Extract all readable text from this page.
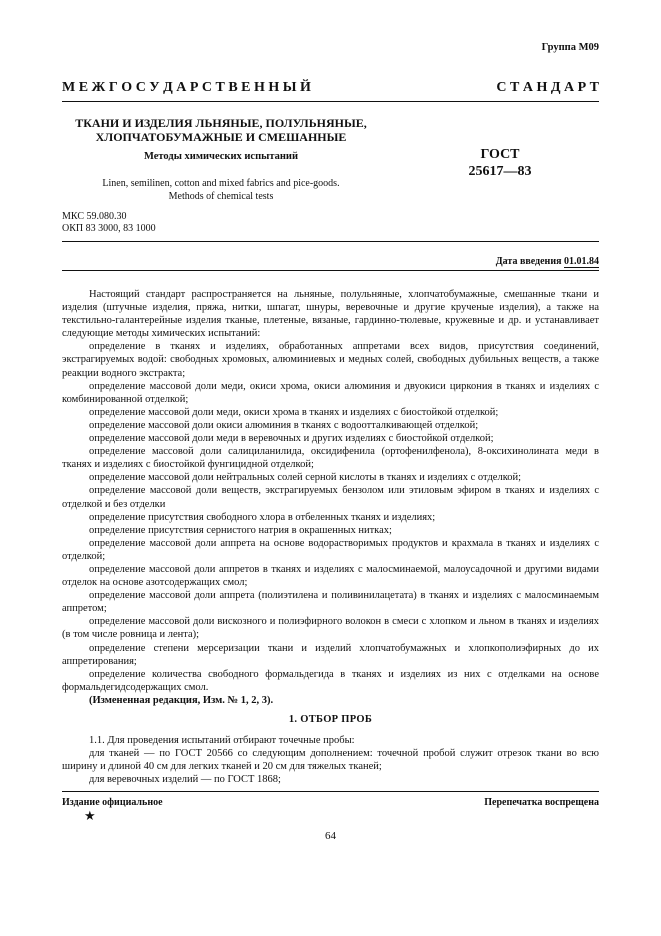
Группа М09
М Е Ж Г О С У Д А Р С Т В Е Н Н Ы Й	С Т А Н Д А Р Т
ТКАНИ И ИЗДЕЛИЯ ЛЬНЯНЫЕ, ПОЛУЛЬНЯНЫЕ,
ХЛОПЧАТОБУМАЖНЫЕ И СМЕШАННЫЕ
Методы химических испытаний	ГОСТ
25617—83
Linen, semilinen, cotton and mixed fabrics and pice-goods.
Methods of chemical tests
МКС 59.080.30
ОКП 83 3000, 83 1000
Дата введения 01.01.84

Настоящий стандарт распространяется на льняные, полульняные, хлопчатобумажные, смешанные ткани и изделия (штучные изделия, пряжа, нитки, шпагат, шнуры, веревочные и другие крученые изделия), а также на текстильно-галантерейные изделия тканые, плетеные, вязаные, гардинно-тюлевые, кружевные и др. и устанавливает следующие методы химических испытаний:

определение в тканях и изделиях, обработанных аппретами всех видов, присутствия соединений, экстрагируемых водой: свободных хромовых, алюминиевых и медных солей, свободных дубильных веществ, а также реакции водного экстракта;

определение массовой доли меди, окиси хрома, окиси алюминия и двуокиси циркония в тканях и изделиях с комбинированной отделкой;

определение массовой доли меди, окиси хрома в тканях и изделиях с биостойкой отделкой;

определение массовой доли окиси алюминия в тканях с водоотталкивающей отделкой;

определение массовой доли меди в веревочных и других изделиях с биостойкой отделкой;

определение массовой доли салициланилида, оксидифенила (ортофенилфенола), 8-оксихинолината меди в тканях и изделиях с биостойкой фунгицидной отделкой;

определение массовой доли нейтральных солей серной кислоты в тканях и изделиях с отделкой;

определение массовой доли веществ, экстрагируемых бензолом или этиловым эфиром в тканях и изделиях с отделкой и без отделки

определение присутствия свободного хлора в отбеленных тканях и изделиях;

определение присутствия сернистого натрия в окрашенных нитках;

определение массовой доли аппрета на основе водорастворимых продуктов и крахмала в тканях и изделиях с отделкой;

определение массовой доли аппретов в тканях и изделиях с малосминаемой, малоусадочной и другими видами отделок на основе азотсодержащих смол;

определение массовой доли аппрета (полиэтилена и поливинилацетата) в тканях и изделиях с малосминаемым аппретом;

определение массовой доли вискозного и полиэфирного волокон в смеси с хлопком и льном в тканях и изделиях (в том числе ровница и лента);

определение степени мерсеризации ткани и изделий хлопчатобумажных и хлопкополиэфирных до их аппретирования;

определение количества свободного формальдегида в тканях и изделиях из них с отделками на основе формальдегидсодержащих смол.

(Измененная редакция, Изм. № 1, 2, 3).

1. ОТБОР ПРОБ

1.1. Для проведения испытаний отбирают точечные пробы:

для тканей — по ГОСТ 20566 со следующим дополнением: точечной пробой служит отрезок ткани во всю ширину и длиной 40 см для легких тканей и 20 см для тяжелых тканей;

для веревочных изделий — по ГОСТ 1868;

Издание официальное
★
Перепечатка воспрещена
64
